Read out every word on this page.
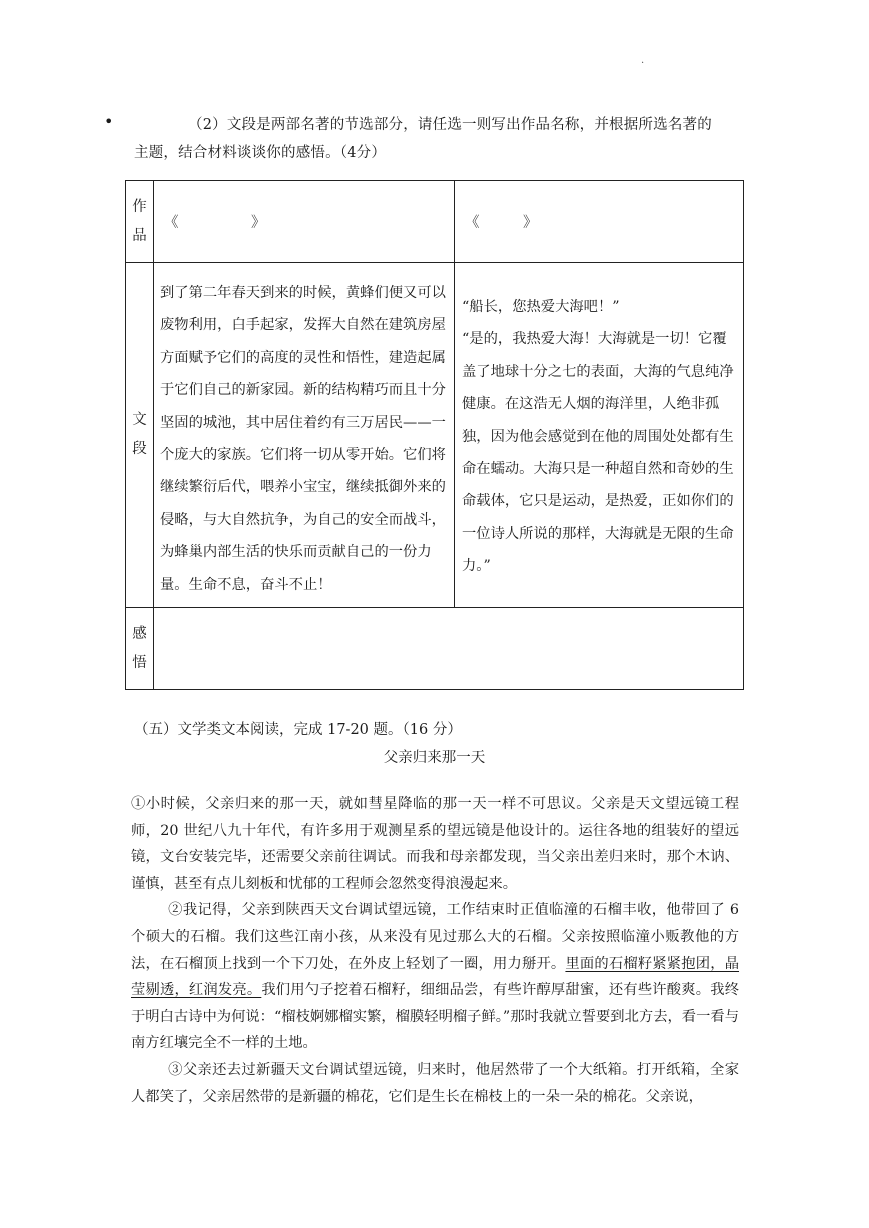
.
•	（2）文段是两部名著的节选部分，请任选一则写出作品名称，并根据所选名著的
主题，结合材料谈谈你的感悟。（4分）
作品	《　　　　　》	《　　　》
文段	到了第二年春天到来的时候，黄蜂们便又可以废物利用，白手起家，发挥大自然在建筑房屋方面赋予它们的高度的灵性和悟性，建造起属于它们自己的新家园。新的结构精巧而且十分坚固的城池，其中居住着约有三万居民——一个庞大的家族。它们将一切从零开始。它们将继续繁衍后代，喂养小宝宝，继续抵御外来的侵略，与大自然抗争，为自己的安全而战斗，为蜂巢内部生活的快乐而贡献自己的一份力量。生命不息，奋斗不止！	“船长，您热爱大海吧！”
“是的，我热爱大海！大海就是一切！它覆盖了地球十分之七的表面，大海的气息纯净健康。在这浩无人烟的海洋里，人绝非孤独，因为他会感觉到在他的周围处处都有生命在蠕动。大海只是一种超自然和奇妙的生命载体，它只是运动，是热爱，正如你们的一位诗人所说的那样，大海就是无限的生命力。”

感悟		
（五）文学类文本阅读，完成 17-20 题。（16 分）
父亲归来那一天

①小时候，父亲归来的那一天，就如彗星降临的那一天一样不可思议。父亲是天文望远镜工程师，20 世纪八九十年代，有许多用于观测星系的望远镜是他设计的。运往各地的组装好的望远镜，文台安装完毕，还需要父亲前往调试。而我和母亲都发现，当父亲出差归来时，那个木讷、谨慎，甚至有点儿刻板和忧郁的工程师会忽然变得浪漫起来。

②我记得，父亲到陕西天文台调试望远镜，工作结束时正值临潼的石榴丰收，他带回了 6 个硕大的石榴。我们这些江南小孩，从来没有见过那么大的石榴。父亲按照临潼小贩教他的方法，在石榴顶上找到一个下刀处，在外皮上轻划了一圈，用力掰开。里面的石榴籽紧紧抱团，晶莹剔透，红润发亮。我们用勺子挖着石榴籽，细细品尝，有些许醇厚甜蜜，还有些许酸爽。我终于明白古诗中为何说：“榴枝婀娜榴实繁，榴膜轻明榴子鲜。”那时我就立誓要到北方去，看一看与南方红壤完全不一样的土地。

③父亲还去过新疆天文台调试望远镜，归来时，他居然带了一个大纸箱。打开纸箱，全家人都笑了，父亲居然带的是新疆的棉花，它们是生长在棉枝上的一朵一朵的棉花。父亲说，
